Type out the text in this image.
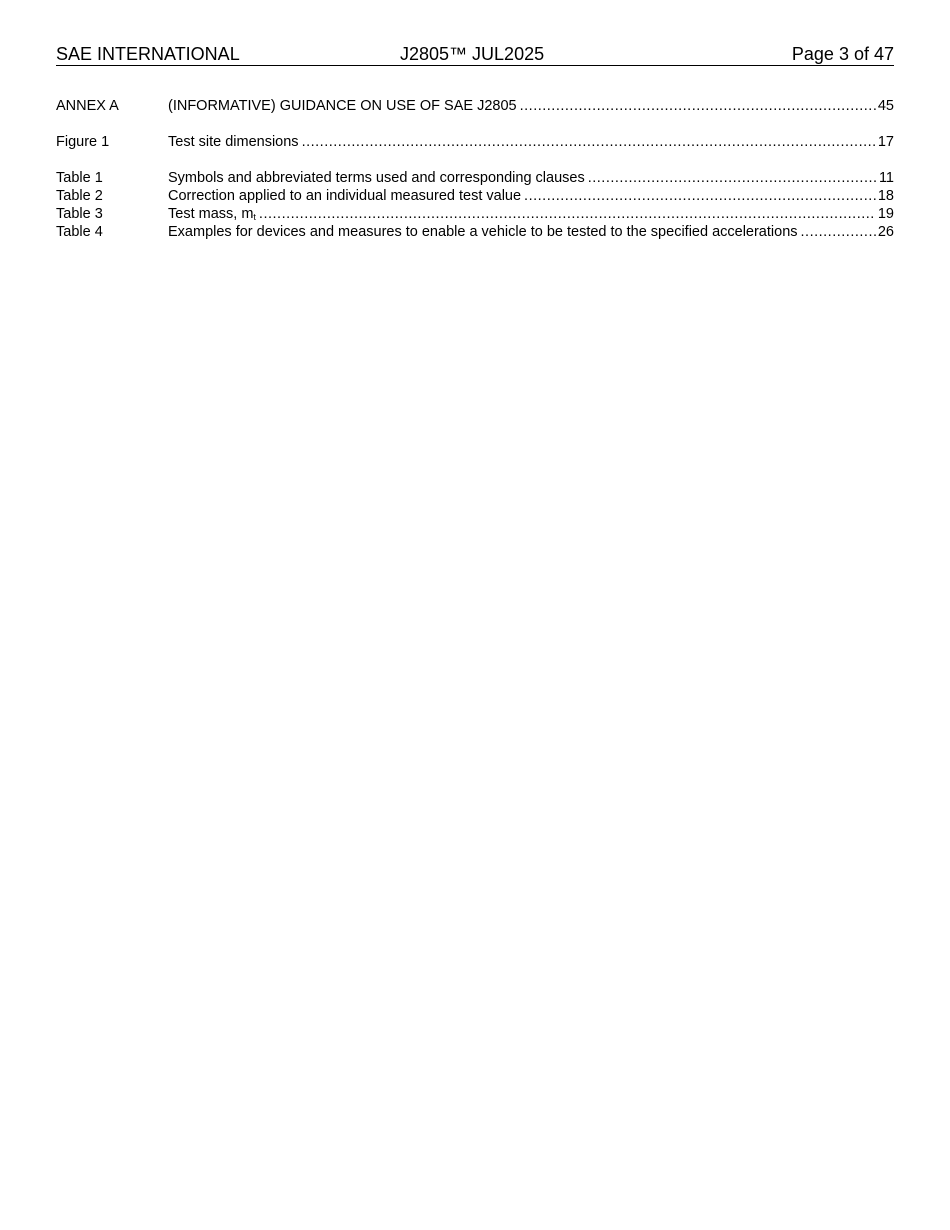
SAE INTERNATIONAL	J2805™ JUL2025	Page 3 of 47
ANNEX A	(INFORMATIVE) GUIDANCE ON USE OF SAE J2805 .....	45
Figure 1	Test site dimensions .....	17
Table 1	Symbols and abbreviated terms used and corresponding clauses .....	11
Table 2	Correction applied to an individual measured test value .....	18
Table 3	Test mass, $m_t$ .....	19
Table 4	Examples for devices and measures to enable a vehicle to be tested to the specified accelerations .....	26
